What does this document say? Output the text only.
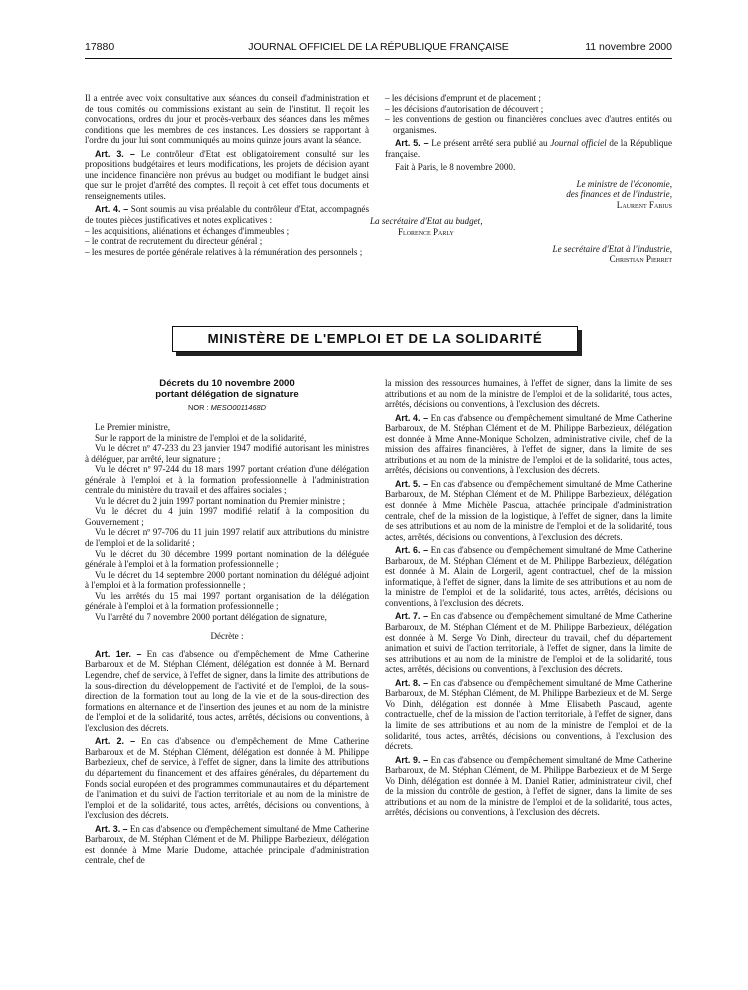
17880	JOURNAL OFFICIEL DE LA RÉPUBLIQUE FRANÇAISE	11 novembre 2000

Il a entrée avec voix consultative aux séances du conseil d'administration et de tous comités ou commissions existant au sein de l'institut. Il reçoit les convocations, ordres du jour et procès-verbaux des séances dans les mêmes conditions que les membres de ces instances. Les dossiers se rapportant à l'ordre du jour lui sont communiqués au moins quinze jours avant la séance.

Art. 3. – Le contrôleur d'Etat est obligatoirement consulté sur les propositions budgétaires et leurs modifications, les projets de décision ayant une incidence financière non prévus au budget ou modifiant le budget ainsi que sur le projet d'arrêté des comptes. Il reçoit à cet effet tous documents et renseignements utiles.

Art. 4. – Sont soumis au visa préalable du contrôleur d'Etat, accompagnés de toutes pièces justificatives et notes explicatives :

– les acquisitions, aliénations et échanges d'immeubles ;
– le contrat de recrutement du directeur général ;
– les mesures de portée générale relatives à la rémunération des personnels ;
– les décisions d'emprunt et de placement ;
– les décisions d'autorisation de découvert ;
– les conventions de gestion ou financières conclues avec d'autres entités ou organismes.

Art. 5. – Le présent arrêté sera publié au Journal officiel de la République française.

Fait à Paris, le 8 novembre 2000.

Le ministre de l'économie,
des finances et de l'industrie,
Laurent Fabius
La secrétaire d'Etat au budget,
Florence Parly
Le secrétaire d'Etat à l'industrie,
Christian Pierret
MINISTÈRE DE L'EMPLOI ET DE LA SOLIDARITÉ
Décrets du 10 novembre 2000
portant délégation de signature
NOR : MESO0011468D

Le Premier ministre,

Sur le rapport de la ministre de l'emploi et de la solidarité,

Vu le décret nº 47-233 du 23 janvier 1947 modifié autorisant les ministres à déléguer, par arrêté, leur signature ;

Vu le décret nº 97-244 du 18 mars 1997 portant création d'une délégation générale à l'emploi et à la formation professionnelle à l'administration centrale du ministère du travail et des affaires sociales ;

Vu le décret du 2 juin 1997 portant nomination du Premier ministre ;

Vu le décret du 4 juin 1997 modifié relatif à la composition du Gouvernement ;

Vu le décret nº 97-706 du 11 juin 1997 relatif aux attributions du ministre de l'emploi et de la solidarité ;

Vu le décret du 30 décembre 1999 portant nomination de la déléguée générale à l'emploi et à la formation professionnelle ;

Vu le décret du 14 septembre 2000 portant nomination du délégué adjoint à l'emploi et à la formation professionnelle ;

Vu les arrêtés du 15 mai 1997 portant organisation de la délégation générale à l'emploi et à la formation professionnelle ;

Vu l'arrêté du 7 novembre 2000 portant délégation de signature,

Décrète :

Art. 1er. – En cas d'absence ou d'empêchement de Mme Catherine Barbaroux et de M. Stéphan Clément, délégation est donnée à M. Bernard Legendre, chef de service, à l'effet de signer, dans la limite des attributions de la sous-direction du développement de l'activité et de l'emploi, de la sous-direction de la formation tout au long de la vie et de la sous-direction des formations en alternance et de l'insertion des jeunes et au nom de la ministre de l'emploi et de la solidarité, tous actes, arrêtés, décisions ou conventions, à l'exclusion des décrets.

Art. 2. – En cas d'absence ou d'empêchement de Mme Catherine Barbaroux et de M. Stéphan Clément, délégation est donnée à M. Philippe Barbezieux, chef de service, à l'effet de signer, dans la limite des attributions du département du financement et des affaires générales, du département du Fonds social européen et des programmes communautaires et du département de l'animation et du suivi de l'action territoriale et au nom de la ministre de l'emploi et de la solidarité, tous actes, arrêtés, décisions ou conventions, à l'exclusion des décrets.

Art. 3. – En cas d'absence ou d'empêchement simultané de Mme Catherine Barbaroux, de M. Stéphan Clément et de M. Philippe Barbezieux, délégation est donnée à Mme Marie Dudome, attachée principale d'administration centrale, chef de

la mission des ressources humaines, à l'effet de signer, dans la limite de ses attributions et au nom de la ministre de l'emploi et de la solidarité, tous actes, arrêtés, décisions ou conventions, à l'exclusion des décrets.

Art. 4. – En cas d'absence ou d'empêchement simultané de Mme Catherine Barbaroux, de M. Stéphan Clément et de M. Philippe Barbezieux, délégation est donnée à Mme Anne-Monique Scholzen, administrative civile, chef de la mission des affaires financières, à l'effet de signer, dans la limite de ses attributions et au nom de la ministre de l'emploi et de la solidarité, tous actes, arrêtés, décisions ou conventions, à l'exclusion des décrets.

Art. 5. – En cas d'absence ou d'empêchement simultané de Mme Catherine Barbaroux, de M. Stéphan Clément et de M. Philippe Barbezieux, délégation est donnée à Mme Michèle Pascua, attachée principale d'administration centrale, chef de la mission de la logistique, à l'effet de signer, dans la limite de ses attributions et au nom de la ministre de l'emploi et de la solidarité, tous actes, arrêtés, décisions ou conventions, à l'exclusion des décrets.

Art. 6. – En cas d'absence ou d'empêchement simultané de Mme Catherine Barbaroux, de M. Stéphan Clément et de M. Philippe Barbezieux, délégation est donnée à M. Alain de Lorgeril, agent contractuel, chef de la mission informatique, à l'effet de signer, dans la limite de ses attributions et au nom de la ministre de l'emploi et de la solidarité, tous actes, arrêtés, décisions ou conventions, à l'exclusion des décrets.

Art. 7. – En cas d'absence ou d'empêchement simultané de Mme Catherine Barbaroux, de M. Stéphan Clément et de M. Philippe Barbezieux, délégation est donnée à M. Serge Vo Dinh, directeur du travail, chef du département animation et suivi de l'action territoriale, à l'effet de signer, dans la limite de ses attributions et au nom de la ministre de l'emploi et de la solidarité, tous actes, arrêtés, décisions ou conventions, à l'exclusion des décrets.

Art. 8. – En cas d'absence ou d'empêchement simultané de Mme Catherine Barbaroux, de M. Stéphan Clément, de M. Philippe Barbezieux et de M. Serge Vo Dinh, délégation est donnée à Mme Elisabeth Pascaud, agente contractuelle, chef de la mission de l'action territoriale, à l'effet de signer, dans la limite de ses attributions et au nom de la ministre de l'emploi et de la solidarité, tous actes, arrêtés, décisions ou conventions, à l'exclusion des décrets.

Art. 9. – En cas d'absence ou d'empêchement simultané de Mme Catherine Barbaroux, de M. Stéphan Clément, de M. Philippe Barbezieux et de M Serge Vo Dinh, délégation est donnée à M. Daniel Ratier, administrateur civil, chef de la mission du contrôle de gestion, à l'effet de signer, dans la limite de ses attributions et au nom de la ministre de l'emploi et de la solidarité, tous actes, arrêtés, décisions ou conventions, à l'exclusion des décrets.
